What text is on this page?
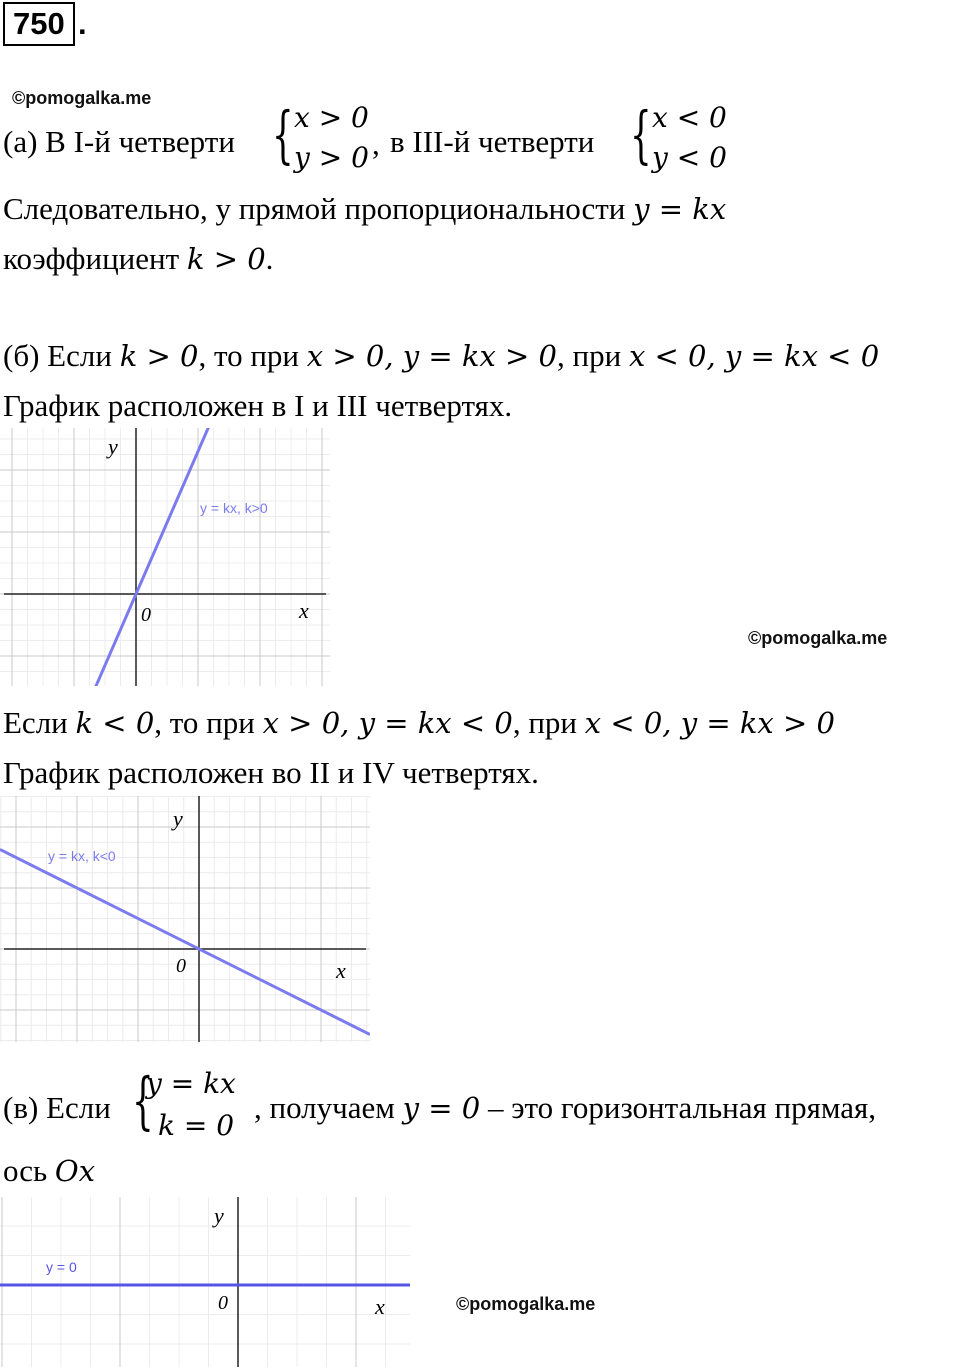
750 .
©pomogalka.me
(а) В I-й четверти { x > 0
y > 0 , в III-й четверти { x < 0
y < 0
Следовательно, у прямой пропорциональности y = kx
коэффициент k > 0.
(б) Если k > 0, то при x > 0, y = kx > 0, при x < 0, y = kx < 0
График расположен в I и III четвертях.
x
y
0
y = kx, k>0
©pomogalka.me
Если k < 0, то при x > 0, y = kx < 0, при x < 0, y = kx > 0
График расположен во II и IV четвертях.
x
y
0
y = kx, k<0
(в) Если {
y = kx
k = 0
, получаем y = 0 – это горизонтальная прямая,
ось Ox
x
y
0
y = 0
©pomogalka.me
